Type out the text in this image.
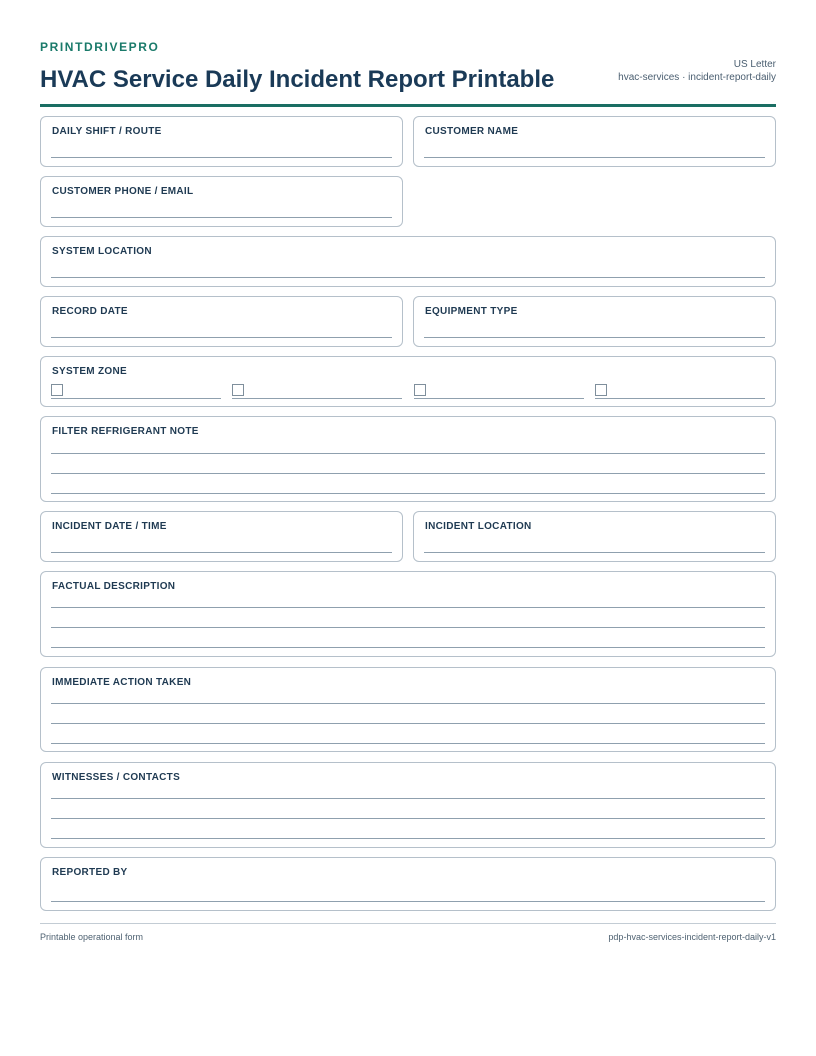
PRINTDRIVEPRO
HVAC Service Daily Incident Report Printable
US Letter
hvac-services · incident-report-daily
DAILY SHIFT / ROUTE	CUSTOMER NAME
CUSTOMER PHONE / EMAIL
SYSTEM LOCATION
RECORD DATE	EQUIPMENT TYPE
SYSTEM ZONE
FILTER REFRIGERANT NOTE
INCIDENT DATE / TIME	INCIDENT LOCATION
FACTUAL DESCRIPTION
IMMEDIATE ACTION TAKEN
WITNESSES / CONTACTS
REPORTED BY
Printable operational form	pdp-hvac-services-incident-report-daily-v1
